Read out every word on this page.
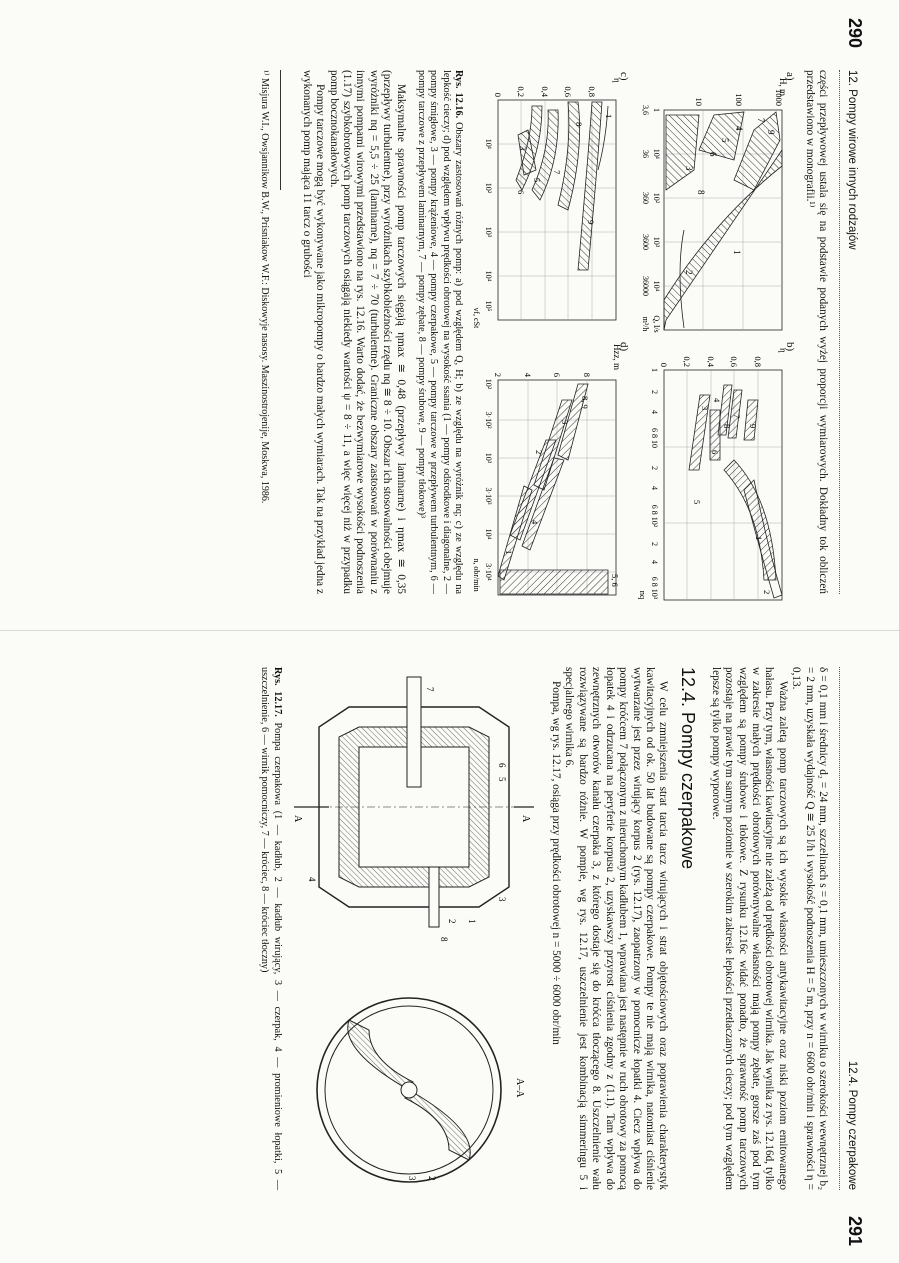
290
12. Pompy wirowe innych rodzajów

części przepływowej ustala się na podstawie podanych wyżej proporcji wymiarowych. Dokładny tok obliczeń przedstawiono w monografii.¹⁾

a)
9
7
4
5
6
3
1
2
8
H, m
1000
100
10
1
10¹
10²
10³
10⁴
Q, l/s
3,6
36
360
3600
36000
m³/h
b)
9
7
8
6
3
4
5
1
2
η
0,8
0,6
0,4
0,2
0
1
2
4
6 8 10
2
4
6 8 10²
2
4
6 8 10³
nq
c)
1
9
8
7
3
5
6
η
0,8
0,6
0,4
0,2
0
10¹
10²
10³
10⁴
10⁵
νf, cSt
d)
8, 9
3
2
4
1
5, 6
Hzz, m
8
6
4
2
10²
3·10²
10³
3·10³
10⁴
3·10⁴
n, obr/min

Rys. 12.16. Obszary zastosowań różnych pomp: a) pod względem Q, H; b) ze względu na wyróżnik nq; c) ze względu na lepkość cieczy; d) pod względem wpływu prędkości obrotowej na wysokość ssania (1 — pompy odśrodkowe i diagonalne, 2 — pompy śmigłowe, 3 — pompy krążeniowe, 4 — pompy czerpakowe, 5 — pompy tarczowe w przepływem turbulentnym, 6 — pompy tarczowe z przepływem laminarnym, 7 — pompy zębate, 8 — pompy śrubowe, 9 — pompy tłokowe)³

Maksymalne sprawności pomp tarczowych sięgają ηmax ≅ 0,48 (przepływy laminarne) i ηmax ≅ 0,35 (przepływy turbulentne), przy wyróżnikach szybkobieżności rzędu nq ≅ 8 ÷ 10. Obszar ich stosowalności obejmuje wyróżniki nq = 5,5 ÷ 25 (laminarne), nq = 7 ÷ 70 (turbulentne). Graniczne obszary zastosowań w porównaniu z innymi pompami wirowymi przedstawiono na rys. 12.16. Warto dodać, że bezwymiarowe wysokości podnoszenia (1.17) szybkobrotowych pomp tarczowych osiągają niekiedy wartości ψ = 8 ÷ 11, a więc więcej niż w przypadku pomp bocznokanałowych.

Pompy tarczowe mogą być wykonywane jako mikropompy o bardzo małych wymiarach. Tak na przykład jedna z wykonanych pomp mająca 11 tarcz o grubości

¹⁾ Misjura W.I., Owsjannikow B.W., Prisniakow W.F.: Diskowyje nasosy. Maszinostrojenije, Moskwa, 1986.

12.4. Pompy czerpakowe
291

δ = 0,1 mm i średnicy d₂ = 24 mm, szczelinach s = 0,1 mm, umieszczonych w wirniku o szerokości wewnętrznej b₂ = 2 mm, uzyskała wydajność Q ≅ 25 l/h i wysokość podnoszenia H = 5 m, przy n = 6600 obr/min i sprawności η = 0,13.

Ważna zaletą pomp tarczowych są ich wysokie własności antykawitacyjne oraz niski poziom emitowanego hałasu. Przy tym, własności kawitacyjne nie zależą od prędkości obrotowej wirnika. Jak wynika z rys. 12.16d, tylko w zakresie małych prędkości obrotowych porównywalne własności mają pompy zębate, gorsze zaś pod tym względem są pompy śrubowe i tłokowe. Z rysunku 12.16c widać ponadto, że sprawność pomp tarczowych pozostaje na prawie tym samym poziomie w szerokim zakresie lepkości przetłaczanych cieczy; pod tym względem lepsze są tylko pompy wyporowe.

12.4. Pompy czerpakowe

W celu zmniejszenia strat tarcia tarcz wirujących i strat objętościowych oraz poprawienia charakterystyk kawitacyjnych od ok. 50 lat budowane są pompy czerpakowe. Pompy te nie mają wirnika, natomiast ciśnienie wytwarzane jest przez wirujący korpus 2 (rys. 12.17), zaopatrzony w pomocnicze łopatki 4. Ciecz wpływa do pompy króćcem 7 połączonym z nieruchomym kadłubem 1, wprawiana jest następnie w ruch obrotowy za pomocą łopatek 4 i odrzucana na peryferie korpusu 2, uzyskawszy przyrost ciśnienia zgodny z (1.1). Tam wpływa do zewnętrznych otworów kanału czerpaka 3, z którego dostaje się do króćca tłoczącego 8. Uszczelnienie wału rozwiązywane są bardzo różnie. W pompie, wg rys. 12.17, uszczelnienie jest kombinacją simmeringu 5 i specjalnego wirnika 6.

Pompa, wg rys. 12.17, osiąga przy prędkości obrotowej n = 5000 ÷ 6000 obr/min

A	A
1
2
3
4
5
6
7
8
A–A
2
3

Rys. 12.17. Pompa czerpakowa (1 — kadłub, 2 — kadłub wirujący, 3 — czerpak, 4 — promieniowe łopatki, 5 — uszczelnienie, 6 — wirnik pomocniczy, 7 — króciec, 8 — króciec tłoczny)
